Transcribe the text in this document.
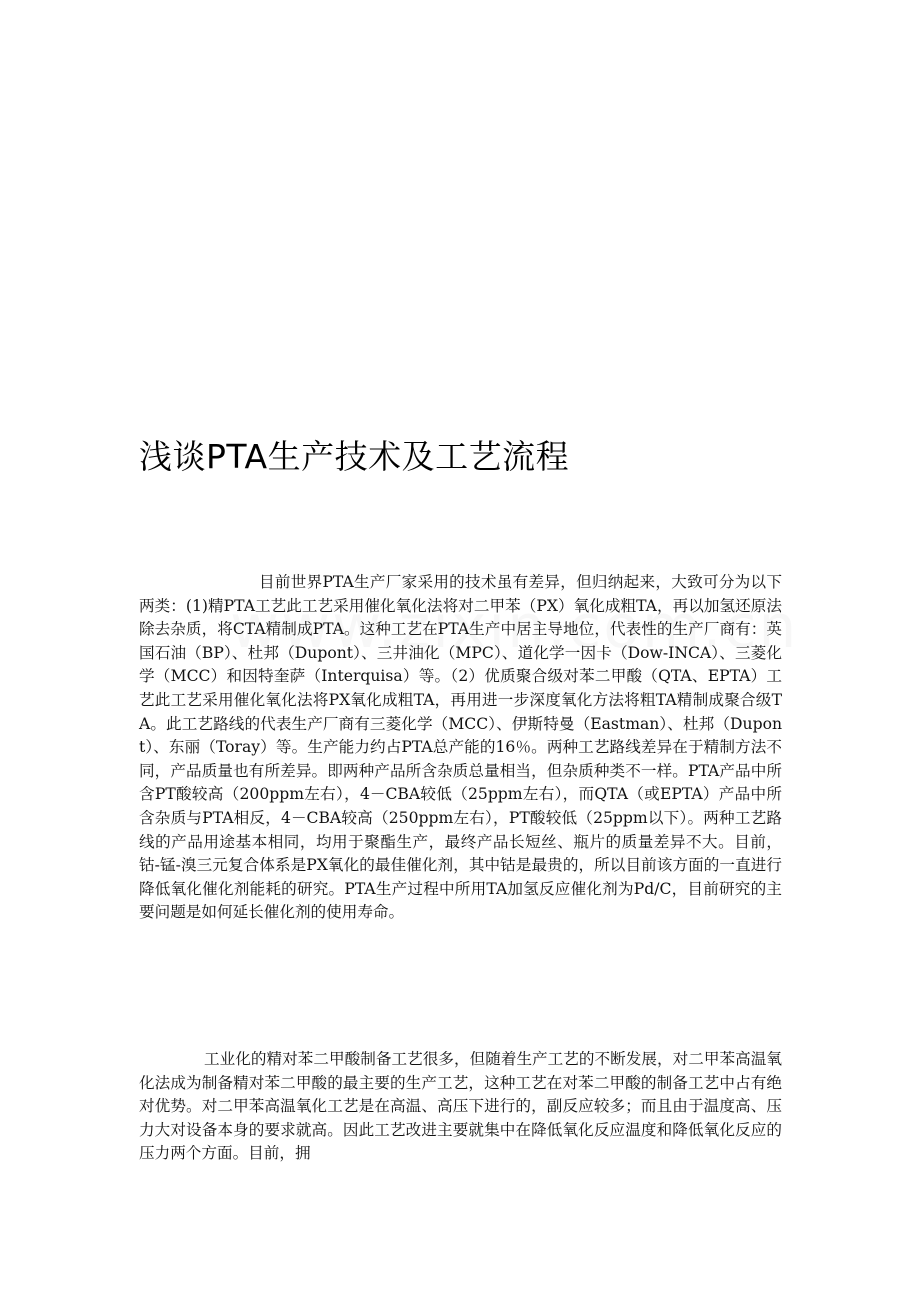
浅谈PTA生产技术及工艺流程

目前世界PTA生产厂家采用的技术虽有差异，但归纳起来，大致可分为以下两类：(1)精PTA工艺此工艺采用催化氧化法将对二甲苯（PX）氧化成粗TA，再以加氢还原法除去杂质，将CTA精制成PTA。这种工艺在PTA生产中居主导地位，代表性的生产厂商有：英国石油（BP）、杜邦（Dupont）、三井油化（MPC）、道化学一因卡（Dow-INCA）、三菱化学（MCC）和因特奎萨（Interquisa）等。（2）优质聚合级对苯二甲酸（QTA、EPTA）工艺此工艺采用催化氧化法将PX氧化成粗TA，再用进一步深度氧化方法将粗TA精制成聚合级TA。此工艺路线的代表生产厂商有三菱化学（MCC）、伊斯特曼（Eastman）、杜邦（Dupont）、东丽（Toray）等。生产能力约占PTA总产能的16％。两种工艺路线差异在于精制方法不同，产品质量也有所差异。即两种产品所含杂质总量相当，但杂质种类不一样。PTA产品中所含PT酸较高（200ppm左右），4－CBA较低（25ppm左右），而QTA（或EPTA）产品中所含杂质与PTA相反，4－CBA较高（250ppm左右），PT酸较低（25ppm以下）。两种工艺路线的产品用途基本相同，均用于聚酯生产，最终产品长短丝、瓶片的质量差异不大。目前，钴-锰-溴三元复合体系是PX氧化的最佳催化剂，其中钴是最贵的，所以目前该方面的一直进行降低氧化催化剂能耗的研究。PTA生产过程中所用TA加氢反应催化剂为Pd/C，目前研究的主要问题是如何延长催化剂的使用寿命。

工业化的精对苯二甲酸制备工艺很多，但随着生产工艺的不断发展，对二甲苯高温氧化法成为制备精对苯二甲酸的最主要的生产工艺，这种工艺在对苯二甲酸的制备工艺中占有绝对优势。对二甲苯高温氧化工艺是在高温、高压下进行的，副反应较多；而且由于温度高、压力大对设备本身的要求就高。因此工艺改进主要就集中在降低氧化反应温度和降低氧化反应的压力两个方面。目前，拥
